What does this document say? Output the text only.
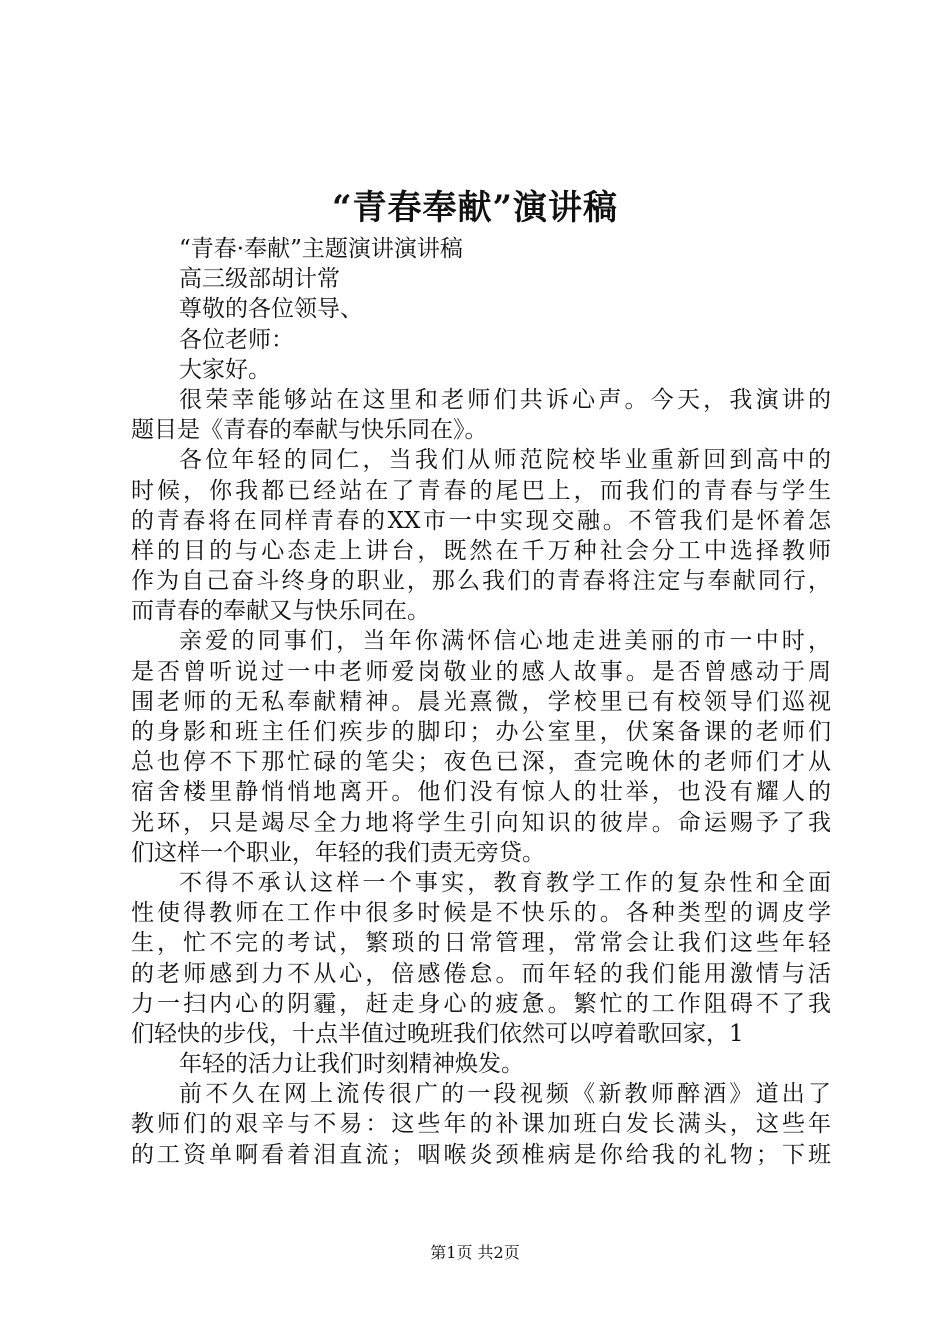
“青春奉献”演讲稿
“青春·奉献”主题演讲演讲稿
高三级部胡计常
尊敬的各位领导、
各位老师：
大家好。
很荣幸能够站在这里和老师们共诉心声。今天，我演讲的
题目是《青春的奉献与快乐同在》。
各位年轻的同仁，当我们从师范院校毕业重新回到高中的
时候，你我都已经站在了青春的尾巴上，而我们的青春与学生
的青春将在同样青春的XX市一中实现交融。不管我们是怀着怎
样的目的与心态走上讲台，既然在千万种社会分工中选择教师
作为自己奋斗终身的职业，那么我们的青春将注定与奉献同行，
而青春的奉献又与快乐同在。
亲爱的同事们，当年你满怀信心地走进美丽的市一中时，
是否曾听说过一中老师爱岗敬业的感人故事。是否曾感动于周
围老师的无私奉献精神。晨光熹微，学校里已有校领导们巡视
的身影和班主任们疾步的脚印；办公室里，伏案备课的老师们
总也停不下那忙碌的笔尖；夜色已深，查完晚休的老师们才从
宿舍楼里静悄悄地离开。他们没有惊人的壮举，也没有耀人的
光环，只是竭尽全力地将学生引向知识的彼岸。命运赐予了我
们这样一个职业，年轻的我们责无旁贷。
不得不承认这样一个事实，教育教学工作的复杂性和全面
性使得教师在工作中很多时候是不快乐的。各种类型的调皮学
生，忙不完的考试，繁琐的日常管理，常常会让我们这些年轻
的老师感到力不从心，倍感倦怠。而年轻的我们能用激情与活
力一扫内心的阴霾，赶走身心的疲惫。繁忙的工作阻碍不了我
们轻快的步伐，十点半值过晚班我们依然可以哼着歌回家，1
年轻的活力让我们时刻精神焕发。
前不久在网上流传很广的一段视频《新教师醉酒》道出了
教师们的艰辛与不易：这些年的补课加班白发长满头，这些年
的工资单啊看着泪直流；咽喉炎颈椎病是你给我的礼物；下班
第1页 共2页
